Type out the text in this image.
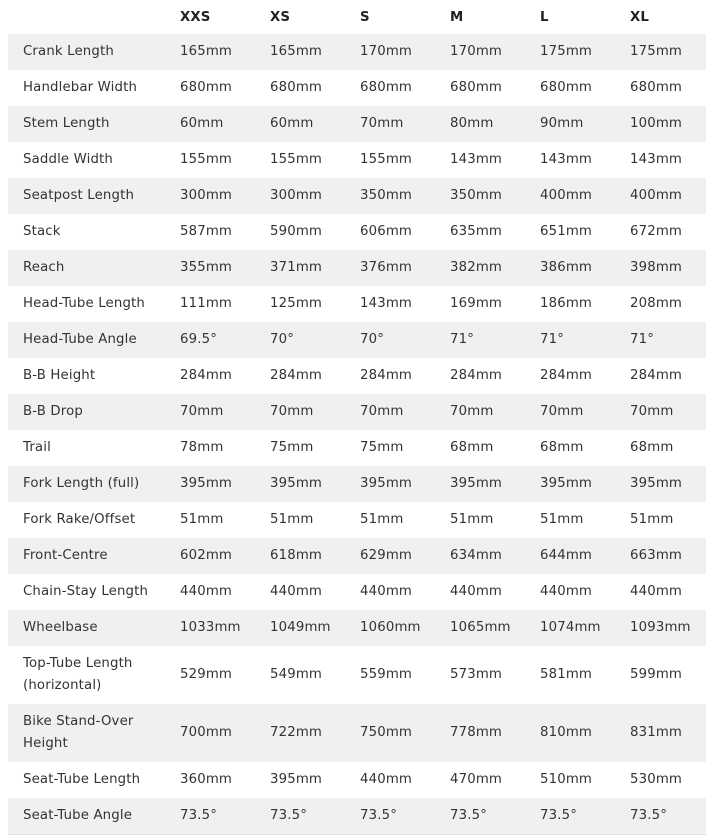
	XXS	XS	S	M	L	XL
Crank Length	165mm	165mm	170mm	170mm	175mm	175mm
Handlebar Width	680mm	680mm	680mm	680mm	680mm	680mm
Stem Length	60mm	60mm	70mm	80mm	90mm	100mm
Saddle Width	155mm	155mm	155mm	143mm	143mm	143mm
Seatpost Length	300mm	300mm	350mm	350mm	400mm	400mm
Stack	587mm	590mm	606mm	635mm	651mm	672mm
Reach	355mm	371mm	376mm	382mm	386mm	398mm
Head-Tube Length	111mm	125mm	143mm	169mm	186mm	208mm
Head-Tube Angle	69.5°	70°	70°	71°	71°	71°
B-B Height	284mm	284mm	284mm	284mm	284mm	284mm
B-B Drop	70mm	70mm	70mm	70mm	70mm	70mm
Trail	78mm	75mm	75mm	68mm	68mm	68mm
Fork Length (full)	395mm	395mm	395mm	395mm	395mm	395mm
Fork Rake/Offset	51mm	51mm	51mm	51mm	51mm	51mm
Front-Centre	602mm	618mm	629mm	634mm	644mm	663mm
Chain-Stay Length	440mm	440mm	440mm	440mm	440mm	440mm
Wheelbase	1033mm	1049mm	1060mm	1065mm	1074mm	1093mm
Top-Tube Length (horizontal)	529mm	549mm	559mm	573mm	581mm	599mm
Bike Stand-Over Height	700mm	722mm	750mm	778mm	810mm	831mm
Seat-Tube Length	360mm	395mm	440mm	470mm	510mm	530mm
Seat-Tube Angle	73.5°	73.5°	73.5°	73.5°	73.5°	73.5°
